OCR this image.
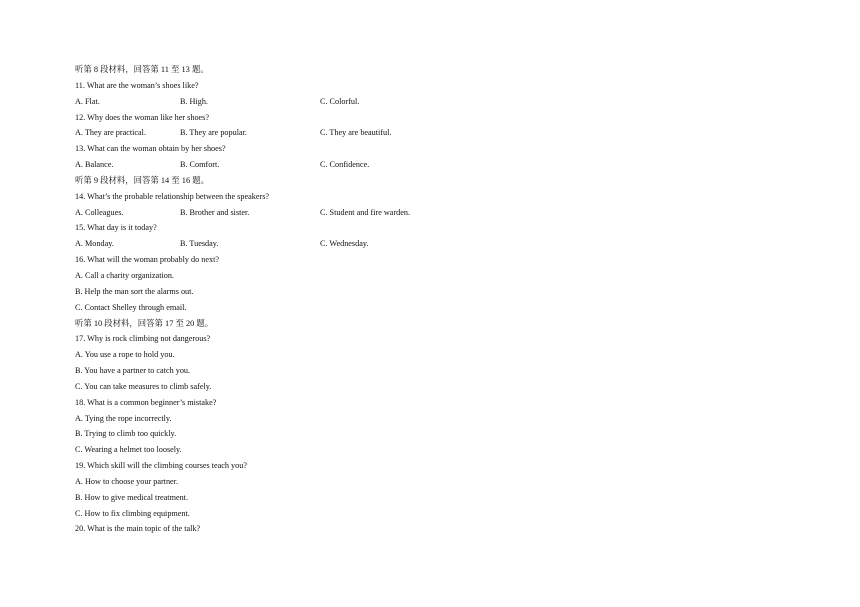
听第 8 段材料，回答第 11 至 13 题。
11. What are the woman’s shoes like?
A. Flat.	B. High.	C. Colorful.
12. Why does the woman like her shoes?
A. They are practical.	B. They are popular.	C. They are beautiful.
13. What can the woman obtain by her shoes?
A. Balance.	B. Comfort.	C. Confidence.
听第 9 段材料，回答第 14 至 16 题。
14. What’s the probable relationship between the speakers?
A. Colleagues.	B. Brother and sister.	C. Student and fire warden.
15. What day is it today?
A. Monday.	B. Tuesday.	C. Wednesday.
16. What will the woman probably do next?
A. Call a charity organization.
B. Help the man sort the alarms out.
C. Contact Shelley through email.
听第 10 段材料，回答第 17 至 20 题。
17. Why is rock climbing not dangerous?
A. You use a rope to hold you.
B. You have a partner to catch you.
C. You can take measures to climb safely.
18. What is a common beginner’s mistake?
A. Tying the rope incorrectly.
B. Trying to climb too quickly.
C. Wearing a helmet too loosely.
19. Which skill will the climbing courses teach you?
A. How to choose your partner.
B. How to give medical treatment.
C. How to fix climbing equipment.
20. What is the main topic of the talk?
